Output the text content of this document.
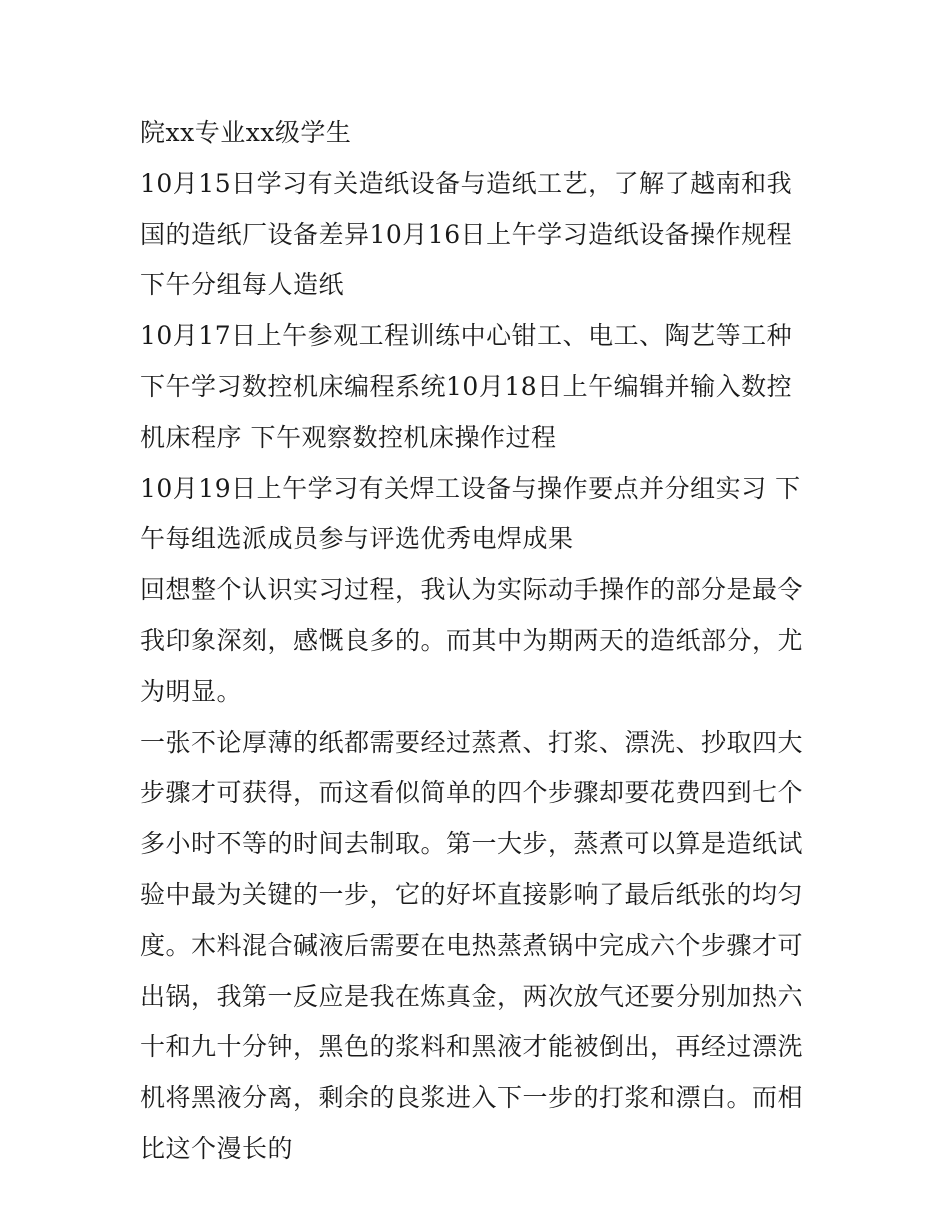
院xx专业xx级学生

10月15日学习有关造纸设备与造纸工艺，了解了越南和我国的造纸厂设备差异10月16日上午学习造纸设备操作规程 下午分组每人造纸

10月17日上午参观工程训练中心钳工、电工、陶艺等工种 下午学习数控机床编程系统10月18日上午编辑并输入数控机床程序 下午观察数控机床操作过程

10月19日上午学习有关焊工设备与操作要点并分组实习 下午每组选派成员参与评选优秀电焊成果

回想整个认识实习过程，我认为实际动手操作的部分是最令我印象深刻，感慨良多的。而其中为期两天的造纸部分，尤为明显。

一张不论厚薄的纸都需要经过蒸煮、打浆、漂洗、抄取四大步骤才可获得，而这看似简单的四个步骤却要花费四到七个多小时不等的时间去制取。第一大步，蒸煮可以算是造纸试验中最为关键的一步，它的好坏直接影响了最后纸张的均匀度。木料混合碱液后需要在电热蒸煮锅中完成六个步骤才可出锅，我第一反应是我在炼真金，两次放气还要分别加热六十和九十分钟，黑色的浆料和黑液才能被倒出，再经过漂洗机将黑液分离，剩余的良浆进入下一步的打浆和漂白。而相比这个漫长的
